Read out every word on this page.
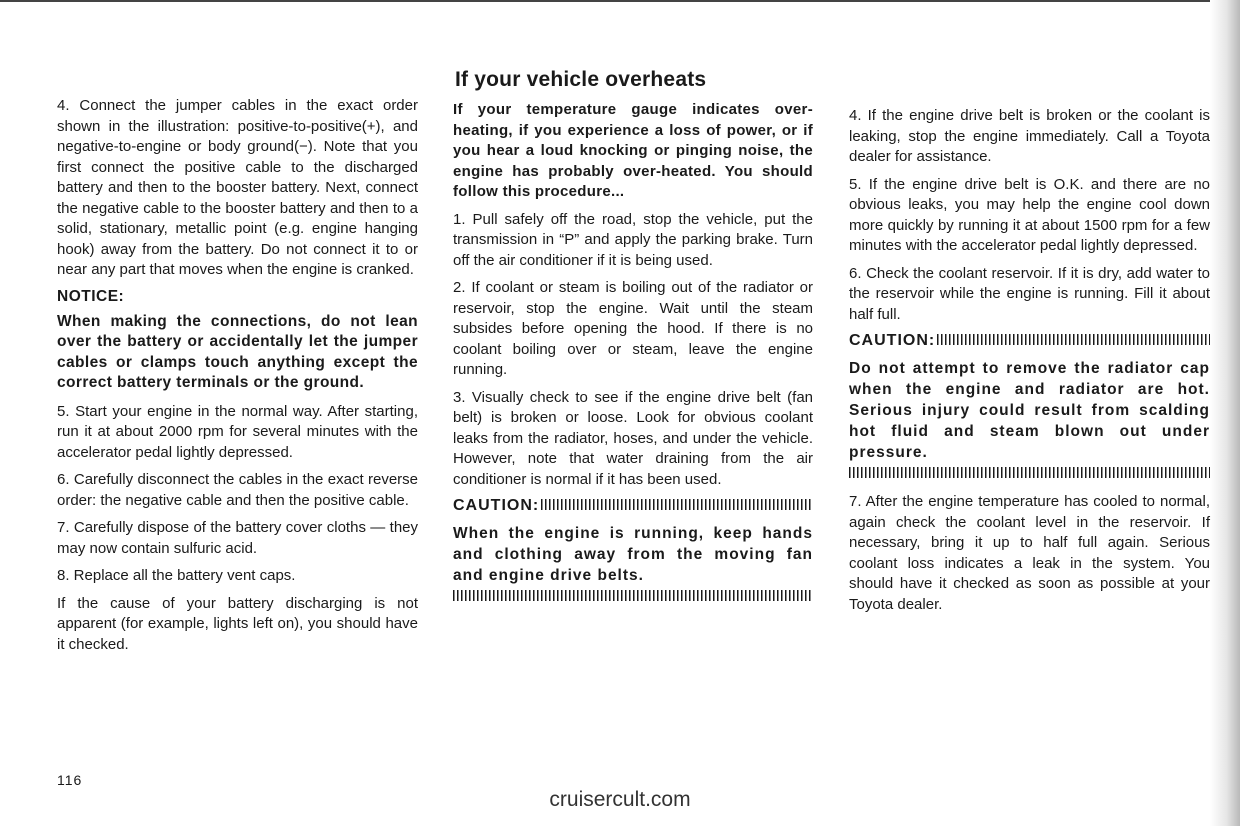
4. Connect the jumper cables in the exact order shown in the illustration: positive-to-positive(+), and negative-to-engine or body ground(−). Note that you first connect the positive cable to the discharged battery and then to the booster battery. Next, connect the negative cable to the booster battery and then to a solid, stationary, metallic point (e.g. engine hanging hook) away from the battery. Do not connect it to or near any part that moves when the engine is cranked.

NOTICE:

When making the connections, do not lean over the battery or accidentally let the jumper cables or clamps touch anything except the correct battery terminals or the ground.

5. Start your engine in the normal way. After starting, run it at about 2000 rpm for several minutes with the accelerator pedal lightly depressed.

6. Carefully disconnect the cables in the exact reverse order: the negative cable and then the positive cable.

7. Carefully dispose of the battery cover cloths — they may now contain sulfuric acid.

8. Replace all the battery vent caps.

If the cause of your battery discharging is not apparent (for example, lights left on), you should have it checked.

If your vehicle overheats

If your temperature gauge indicates over-heating, if you experience a loss of power, or if you hear a loud knocking or pinging noise, the engine has probably over-heated. You should follow this procedure...

1. Pull safely off the road, stop the vehicle, put the transmission in “P” and apply the parking brake. Turn off the air conditioner if it is being used.

2. If coolant or steam is boiling out of the radiator or reservoir, stop the engine. Wait until the steam subsides before opening the hood. If there is no coolant boiling over or steam, leave the engine running.

3. Visually check to see if the engine drive belt (fan belt) is broken or loose. Look for obvious coolant leaks from the radiator, hoses, and under the vehicle. However, note that water draining from the air conditioner is normal if it has been used.

CAUTION:

When the engine is running, keep hands and clothing away from the moving fan and engine drive belts.

4. If the engine drive belt is broken or the coolant is leaking, stop the engine immediately. Call a Toyota dealer for assistance.

5. If the engine drive belt is O.K. and there are no obvious leaks, you may help the engine cool down more quickly by running it at about 1500 rpm for a few minutes with the accelerator pedal lightly depressed.

6. Check the coolant reservoir. If it is dry, add water to the reservoir while the engine is running. Fill it about half full.

CAUTION:

Do not attempt to remove the radiator cap when the engine and radiator are hot. Serious injury could result from scalding hot fluid and steam blown out under pressure.

7. After the engine temperature has cooled to normal, again check the coolant level in the reservoir. If necessary, bring it up to half full again. Serious coolant loss indicates a leak in the system. You should have it checked as soon as possible at your Toyota dealer.

116
cruisercult.com
